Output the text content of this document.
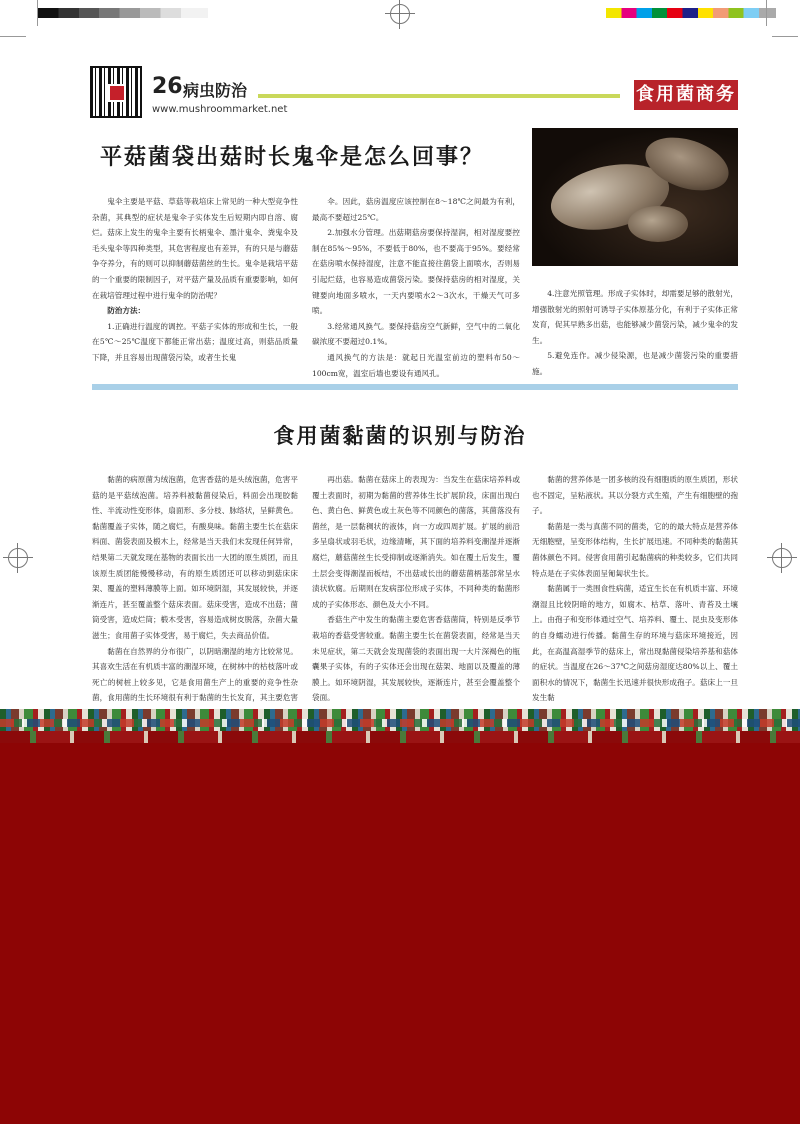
26 病虫防治
www.mushroommarket.net
食用菌商务
平菇菌袋出菇时长鬼伞是怎么回事？

鬼伞主要是平菇、草菇等栽培床上常见的一种大型竞争性杂菌，其典型的症状是鬼伞子实体发生后短期内即自溶、腐烂。菇床上发生的鬼伞主要有长柄鬼伞、墨汁鬼伞、粪鬼伞及毛头鬼伞等四种类型，其危害程度也有差异，有的只是与蘑菇争夺养分，有的则可以抑制蘑菇菌丝的生长。鬼伞是栽培平菇的一个重要的限制因子，对平菇产量及品质有重要影响，如何在栽培管理过程中进行鬼伞的防治呢？

防治方法：

1.正确进行温度的调控。平菇子实体的形成和生长，一般在5℃～25℃温度下都能正常出菇；温度过高，则菇品质量下降，并且容易出现菌袋污染，或者生长鬼

伞。因此，菇房温度应该控制在8～18℃之间最为有利，最高不要超过25℃。

2.加强水分管理。出菇期菇房要保持湿润，相对湿度要控制在85%～95%，不要低于80%，也不要高于95%。要经常在菇房喷水保持湿度，注意不能直接往菌袋上面喷水，否则易引起烂菇，也容易造成菌袋污染。要保持菇房的相对湿度，关键要向地面多喷水，一天内要喷水2～3次水，干燥天气可多喷。

3.经常通风换气。要保持菇房空气新鲜，空气中的二氧化碳浓度不要超过0.1%。

通风换气的方法是：就起日光温室前边的塑料布50～100cm宽，温室后墙也要设有通风孔。

4.注意光照管理。形成子实体时，却需要足够的散射光，增强散射光的照射可诱导子实体原基分化，有利于子实体正常发育，促其早熟多出菇，也能够减少菌袋污染，减少鬼伞的发生。

5.避免连作。减少侵染源，也是减少菌袋污染的重要措施。

食用菌黏菌的识别与防治

黏菌的病原菌为绒泡菌，危害香菇的是头绒泡菌，危害平菇的是平菇绒泡菌。培养料被黏菌侵染后，料面会出现胶黏性、半流动性变形体，扇面形、多分枝、脉络状，呈鲜黄色。黏菌覆盖子实体，随之腐烂，有酸臭味。黏菌主要生长在菇床料面、菌袋表面及椴木上，经常是当天我们未发现任何异常，结果第二天就发现在基物的表面长出一大团的原生质团，而且该原生质团能慢慢移动，有的原生质团还可以移动到菇床床架、覆盖的塑料薄膜等上面。如环境阴湿，其发展较快，并逐渐连片，甚至覆盖整个菇床表面。菇床受害，造成不出菇；菌筒受害，造成烂筒；椴木受害，容易造成树皮脱落，杂菌大量滋生；食用菌子实体受害，易于腐烂，失去商品价值。

黏菌在自然界的分布很广，以阴暗潮湿的地方比较常见。其喜欢生活在有机质丰富的潮湿环境，在树林中的枯枝落叶或死亡的树桩上较多见，它是食用菌生产上的重要的竞争性杂菌，食用菌的生长环境很有利于黏菌的生长发育，其主要危害

再出菇。黏菌在菇床上的表现为：当发生在菇床培养料或覆土表面时，初期为黏菌的营养体生长扩展阶段，床面出现白色、黄白色、鲜黄色或土灰色等不同颜色的菌落，其菌落没有菌丝，是一层黏稠状的液体，向一方或四周扩展。扩展的前沿多呈扇状或羽毛状，边缘清晰，其下面的培养料变潮湿并逐渐腐烂，蘑菇菌丝生长受抑制或逐渐消失。如在覆土后发生，覆土层会变得潮湿而板结，不出菇或长出的蘑菇菌柄基部常呈水渍状软腐。后期则在发病部位形成子实体，不同种类的黏菌形成的子实体形态、颜色及大小不同。

香菇生产中发生的黏菌主要危害香菇菌筒，特别是反季节栽培的香菇受害较重。黏菌主要生长在菌袋表面，经常是当天未见症状，第二天就会发现菌袋的表面出现一大片深褐色的瓶囊果子实体，有的子实体还会出现在菇架、地面以及覆盖的薄膜上。如环境阴湿，其发展较快，逐渐连片，甚至会覆盖整个袋面。

黏菌的营养体是一团多核的没有细胞质的原生质团，形状也不固定，呈粘液状。其以分裂方式生殖，产生有细胞壁的孢子。

黏菌是一类与真菌不同的菌类，它的的最大特点是营养体无细胞壁，呈变形体结构，生长扩展迅速。不同种类的黏菌其菌体颜色不同。侵害食用菌引起黏菌病的种类较多，它们共同特点是在子实体表面呈匍匐状生长。

黏菌属于一类围食性病菌，适宜生长在有机质丰富、环境潮湿且比较阴暗的地方，如腐木、枯草、落叶、青苔及土壤上。由孢子和变形体通过空气、培养料、覆土、昆虫及变形体的自身蠕动进行传播。黏菌生存的环境与菇床环境接近，因此，在高温高湿季节的菇床上，常出现黏菌侵染培养基和菇体的症状。当温度在26～37℃之间菇房湿度达80%以上、覆土面积水的情况下，黏菌生长迅速并很快形成孢子。菇床上一旦发生黏
